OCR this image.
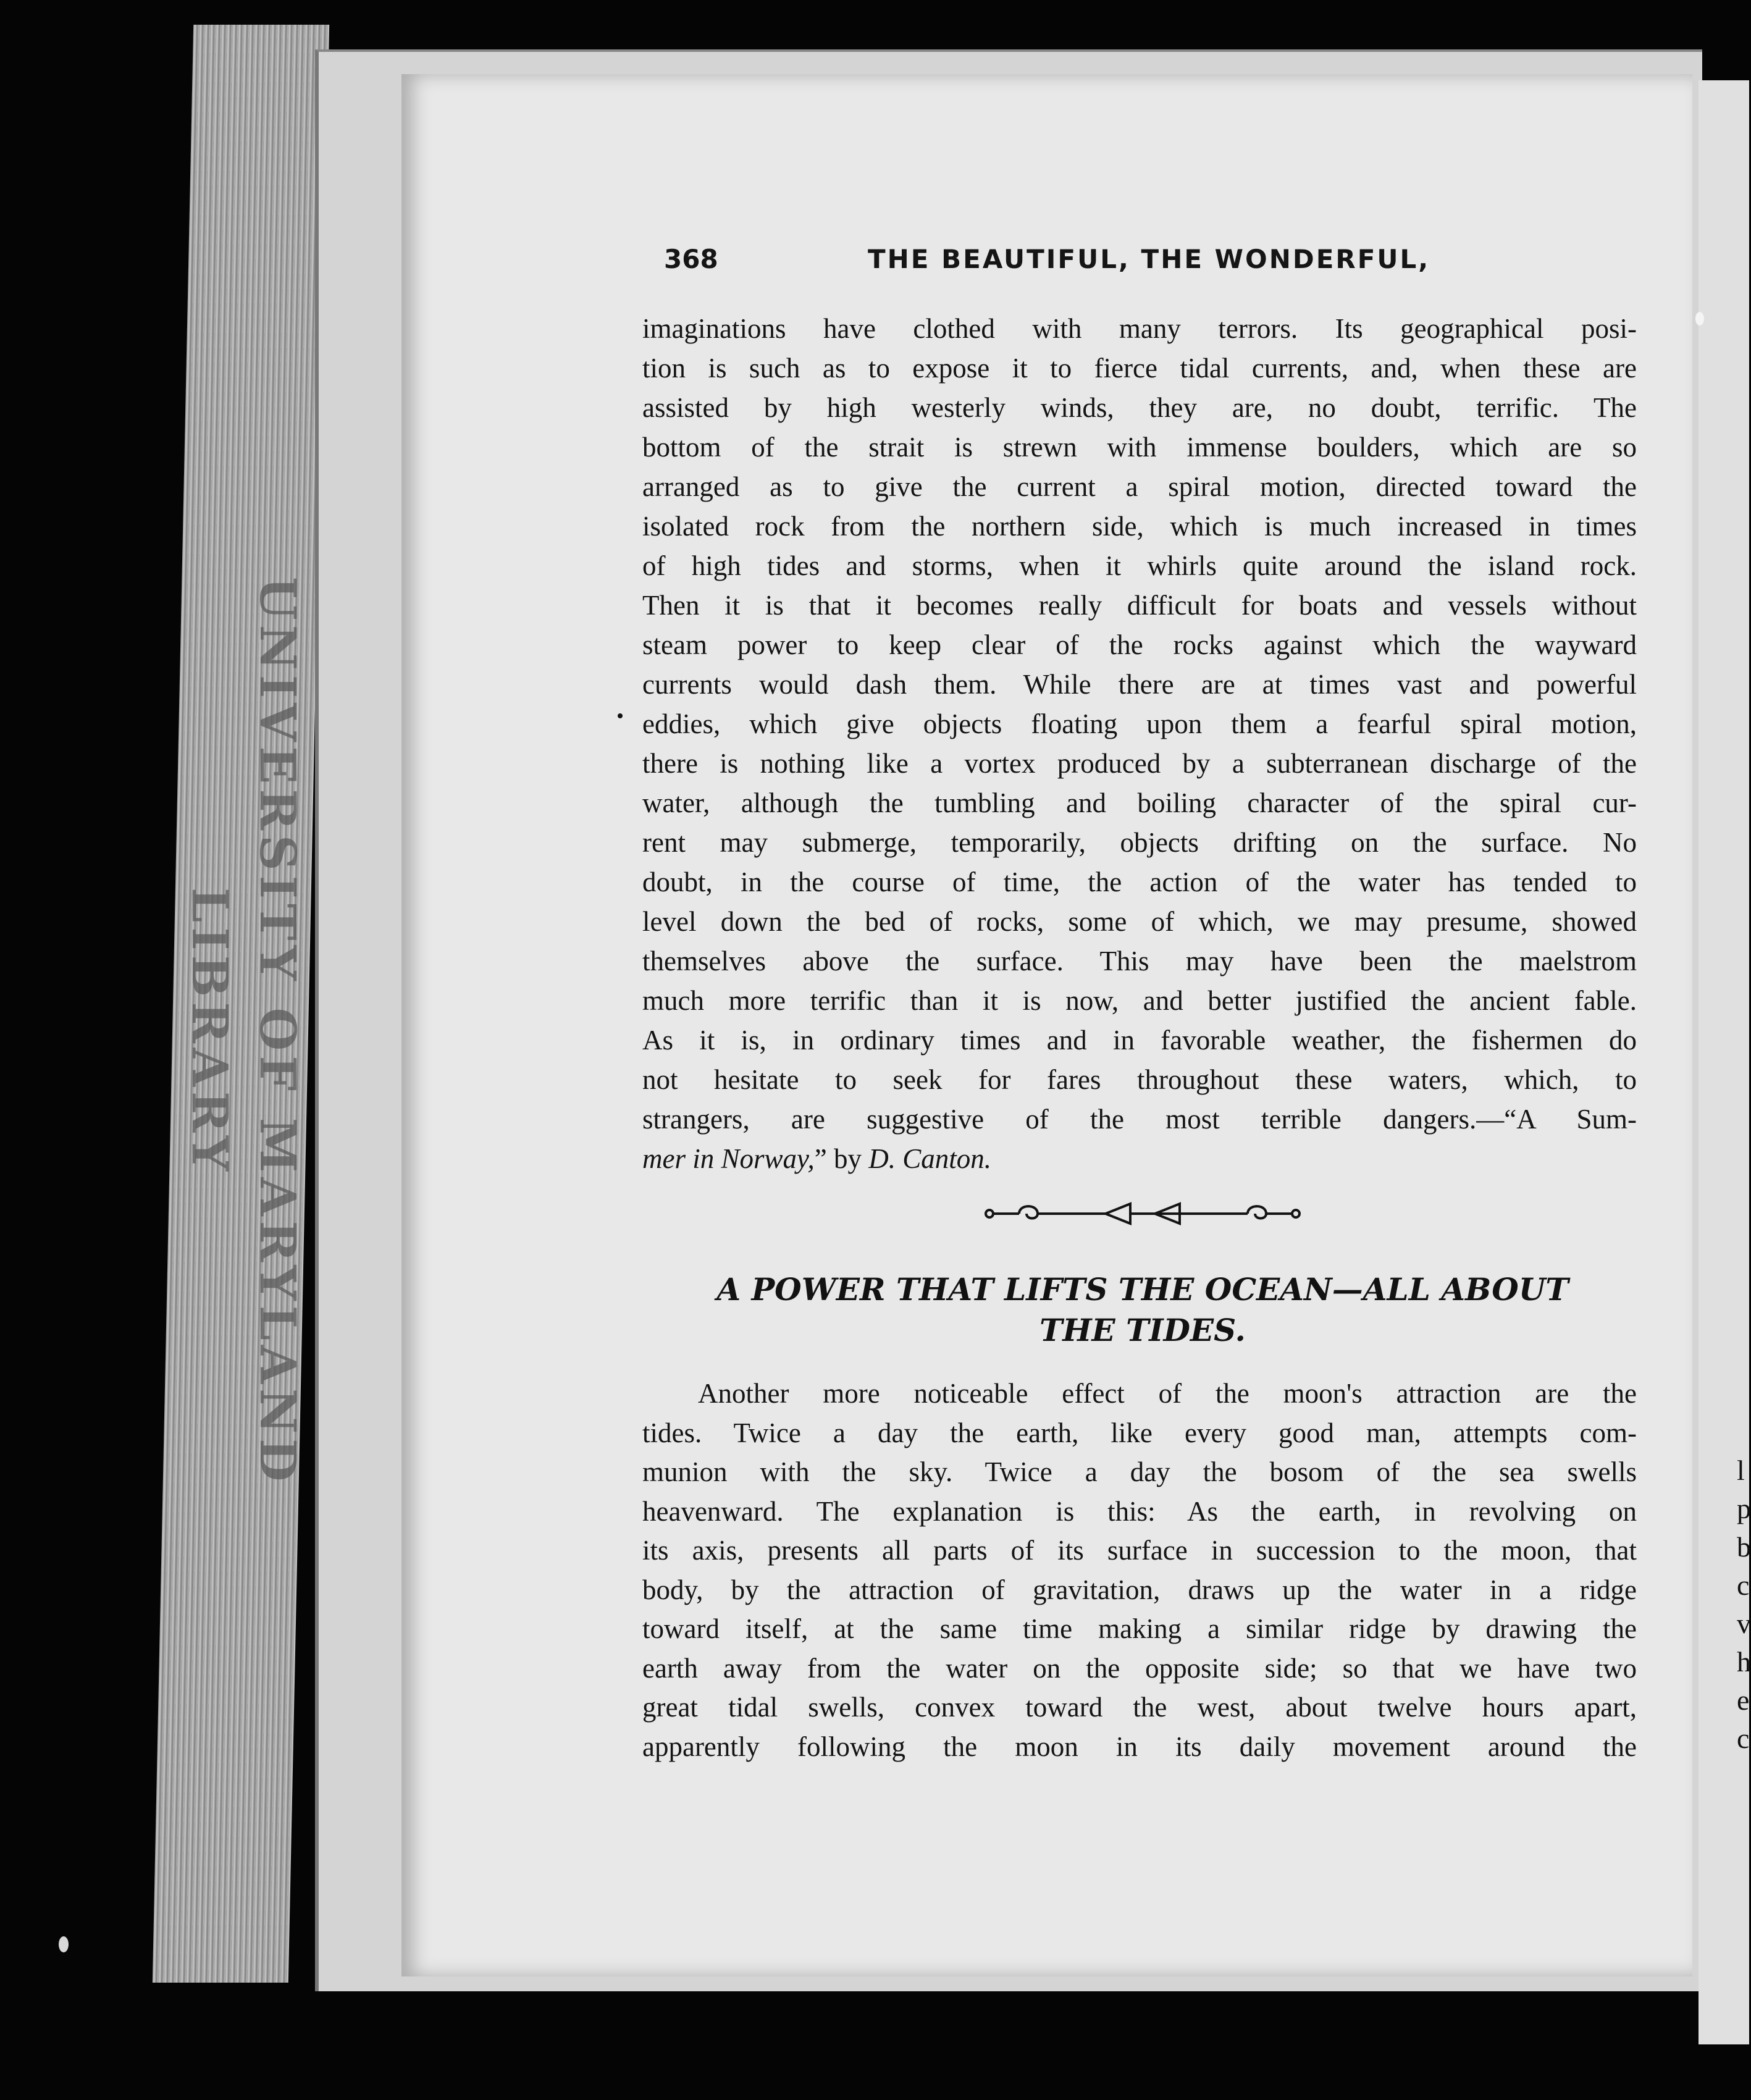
UNIVERSITY OF MARYLAND LIBRARY
l
p
b
c
v
h
e
c
368	THE BEAUTIFUL, THE WONDERFUL,
imaginations have clothed with many terrors. Its geographical posi-
tion is such as to expose it to fierce tidal currents, and, when these are
assisted by high westerly winds, they are, no doubt, terrific. The
bottom of the strait is strewn with immense boulders, which are so
arranged as to give the current a spiral motion, directed toward the
isolated rock from the northern side, which is much increased in times
of high tides and storms, when it whirls quite around the island rock.
Then it is that it becomes really difficult for boats and vessels without
steam power to keep clear of the rocks against which the wayward
currents would dash them. While there are at times vast and powerful
eddies, which give objects floating upon them a fearful spiral motion,
there is nothing like a vortex produced by a subterranean discharge of the
water, although the tumbling and boiling character of the spiral cur-
rent may submerge, temporarily, objects drifting on the surface. No
doubt, in the course of time, the action of the water has tended to
level down the bed of rocks, some of which, we may presume, showed
themselves above the surface. This may have been the maelstrom
much more terrific than it is now, and better justified the ancient fable.
As it is, in ordinary times and in favorable weather, the fishermen do
not hesitate to seek for fares throughout these waters, which, to
strangers, are suggestive of the most terrible dangers.—“A Sum-
mer in Norway,” by D. Canton.
A POWER THAT LIFTS THE OCEAN—ALL ABOUT
THE TIDES.
Another more noticeable effect of the moon's attraction are the
tides. Twice a day the earth, like every good man, attempts com-
munion with the sky. Twice a day the bosom of the sea swells
heavenward. The explanation is this: As the earth, in revolving on
its axis, presents all parts of its surface in succession to the moon, that
body, by the attraction of gravitation, draws up the water in a ridge
toward itself, at the same time making a similar ridge by drawing the
earth away from the water on the opposite side; so that we have two
great tidal swells, convex toward the west, about twelve hours apart,
apparently following the moon in its daily movement around the
